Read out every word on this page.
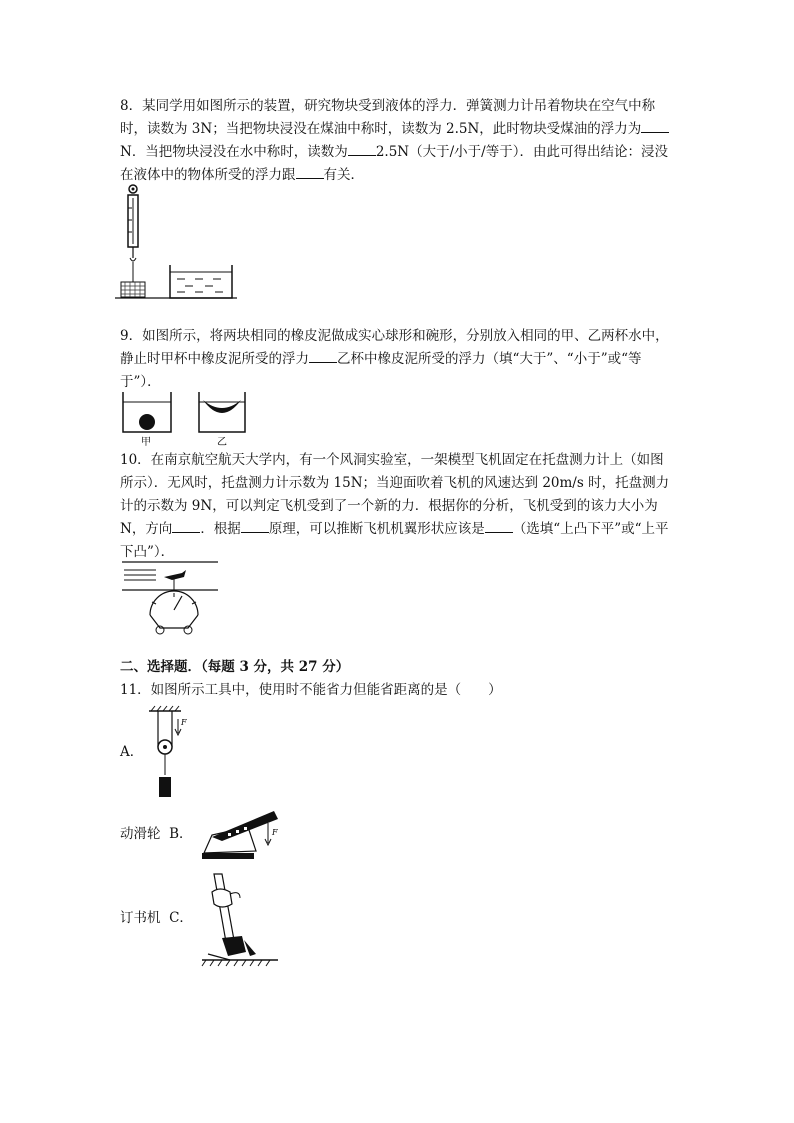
8．某同学用如图所示的装置，研究物块受到液体的浮力．弹簧测力计吊着物块在空气中称
时，读数为 3N；当把物块浸没在煤油中称时，读数为 2.5N，此时物块受煤油的浮力为
N．当把物块浸没在水中称时，读数为 2.5N（大于/小于/等于）．由此可得出结论：浸没
在液体中的物体所受的浮力跟 有关．
9．如图所示，将两块相同的橡皮泥做成实心球形和碗形，分别放入相同的甲、乙两杯水中，
静止时甲杯中橡皮泥所受的浮力 乙杯中橡皮泥所受的浮力（填“大于”、“小于”或“等
于”）．
甲	乙
10．在南京航空航天大学内，有一个风洞实验室，一架模型飞机固定在托盘测力计上（如图
所示）．无风时，托盘测力计示数为 15N；当迎面吹着飞机的风速达到 20m/s 时，托盘测力
计的示数为 9N，可以判定飞机受到了一个新的力．根据你的分析，飞机受到的该力大小为
N，方向 ．根据 原理，可以推断飞机机翼形状应该是 （选填“上凸下平”或“上平
下凸”）．
二、选择题．（每题 3 分，共 27 分）
11．如图所示工具中，使用时不能省力但能省距离的是（　　）
A．
F
动滑轮 B．	F
订书机 C．
